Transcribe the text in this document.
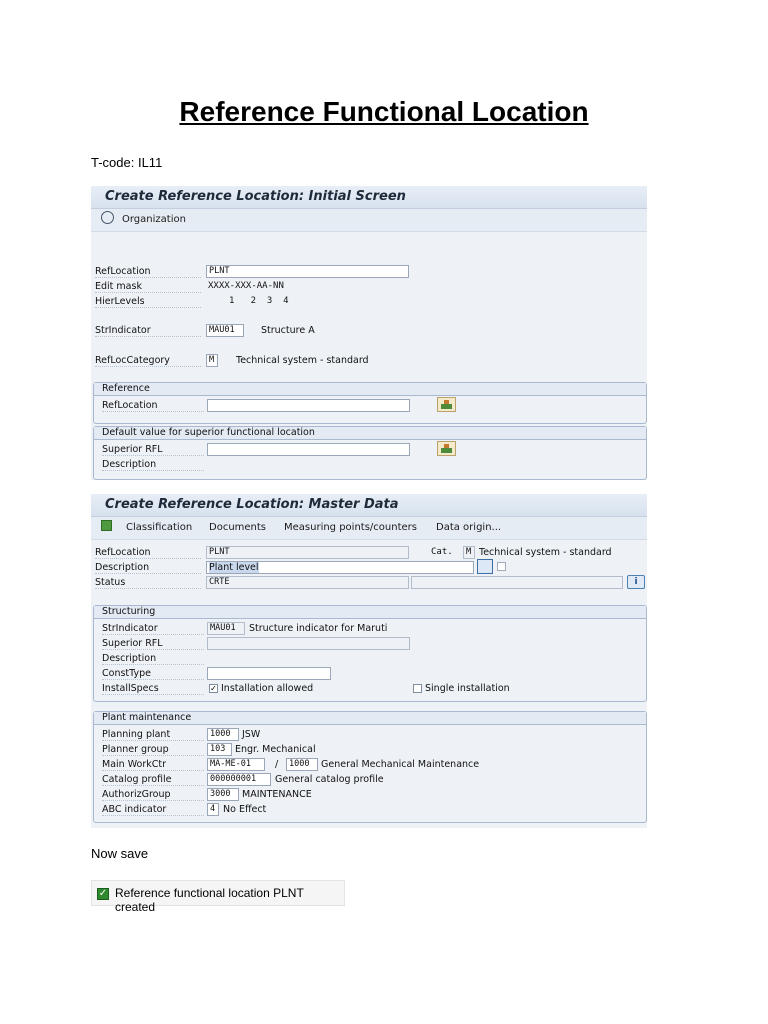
Reference Functional Location
T-code: IL11
Create Reference Location: Initial Screen
Organization
RefLocation	PLNT
Edit mask	XXXX-XXX-AA-NN
HierLevels	1   2  3  4
StrIndicator	MAU01	Structure A
RefLocCategory	M	Technical system - standard
Reference
RefLocation
Default value for superior functional location
Superior RFL
Description
Create Reference Location: Master Data
Classification Documents Measuring points/counters Data origin...
RefLocation	PLNT	Cat.	M Technical system - standard
Description	Plant level
Status	CRTE	i
Structuring
StrIndicator	MAU01	Structure indicator for Maruti
Superior RFL
Description
ConstType
InstallSpecs	✓ Installation allowed	Single installation
Plant maintenance
Planning plant	1000	JSW
Planner group	103	Engr. Mechanical
Main WorkCtr	MA-ME-01	/	1000	General Mechanical Maintenance
Catalog profile	000000001	General catalog profile
AuthorizGroup	3000	MAINTENANCE
ABC indicator	4 No Effect
Now save
✓ Reference functional location PLNT created
